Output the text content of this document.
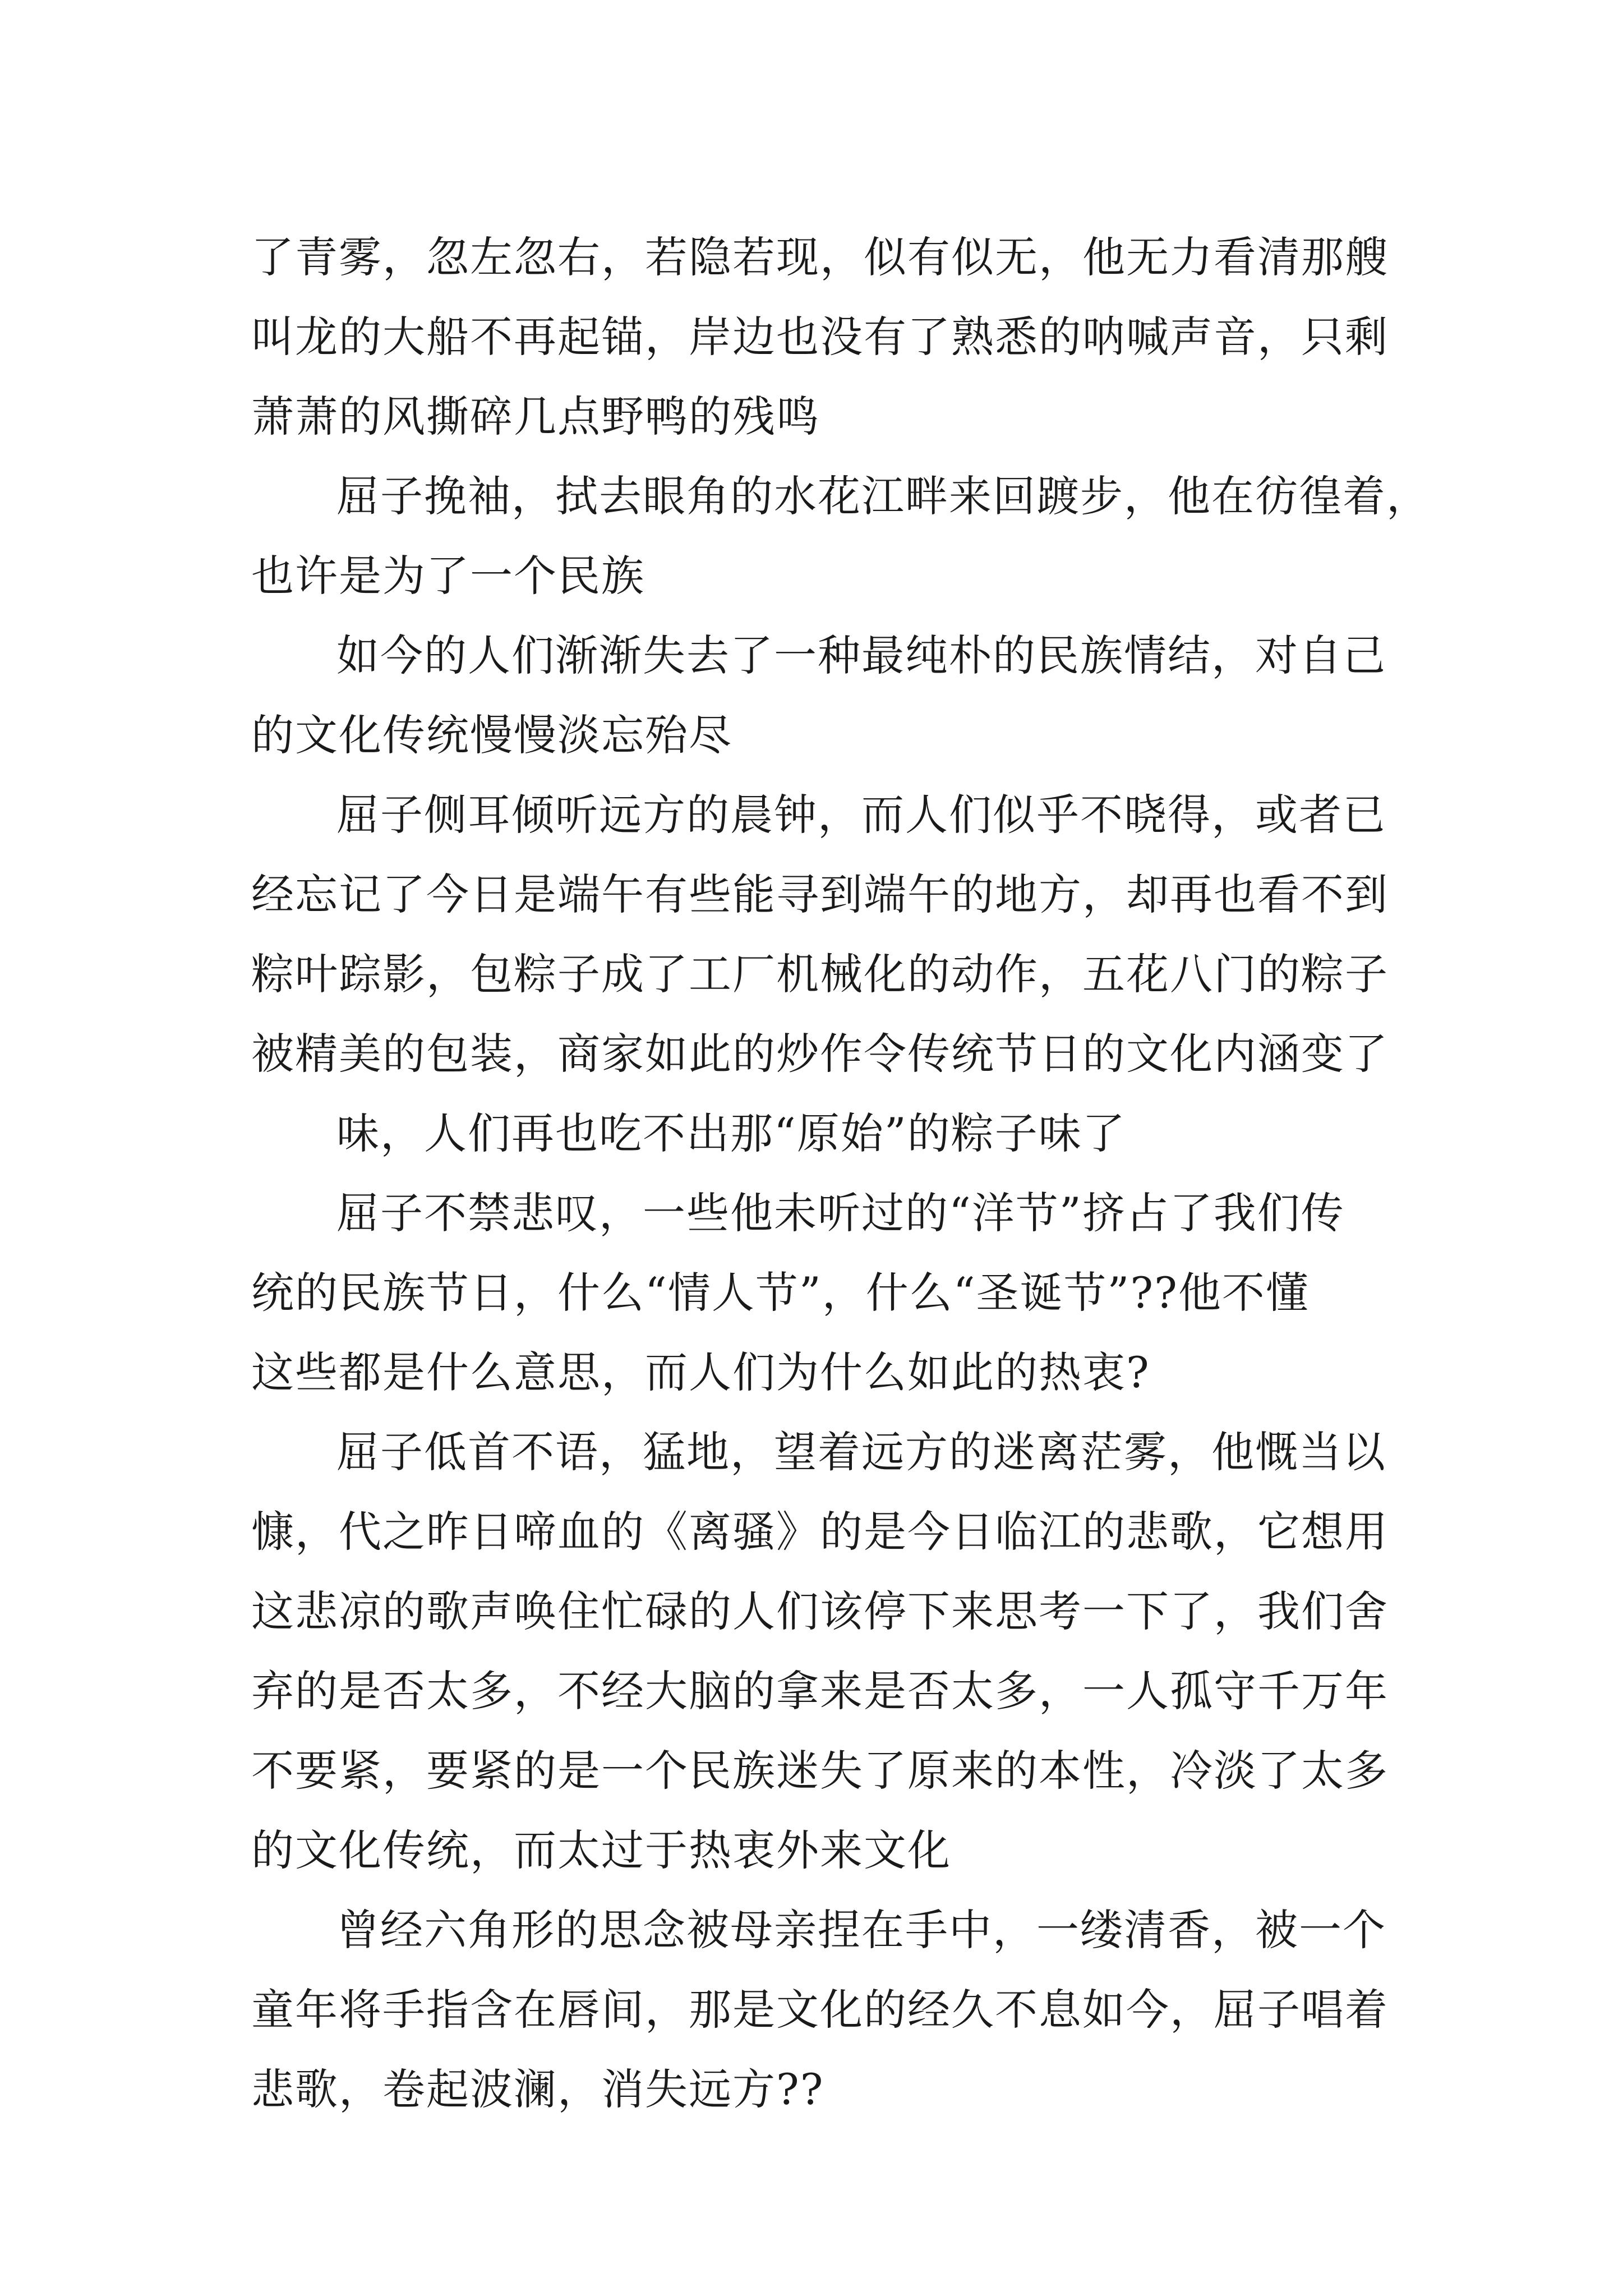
了青雾，忽左忽右，若隐若现，似有似无，他无力看清那艘
叫龙的大船不再起锚，岸边也没有了熟悉的呐喊声音，只剩
萧萧的风撕碎几点野鸭的残鸣
屈子挽袖，拭去眼角的水花江畔来回踱步，他在彷徨着，
也许是为了一个民族
如今的人们渐渐失去了一种最纯朴的民族情结，对自己
的文化传统慢慢淡忘殆尽
屈子侧耳倾听远方的晨钟，而人们似乎不晓得，或者已
经忘记了今日是端午有些能寻到端午的地方，却再也看不到
粽叶踪影，包粽子成了工厂机械化的动作，五花八门的粽子
被精美的包装，商家如此的炒作令传统节日的文化内涵变了
味，人们再也吃不出那“原始”的粽子味了
屈子不禁悲叹，一些他未听过的“洋节”挤占了我们传
统的民族节日，什么“情人节”，什么“圣诞节”??他不懂
这些都是什么意思，而人们为什么如此的热衷?
屈子低首不语，猛地，望着远方的迷离茫雾，他慨当以
慷，代之昨日啼血的《离骚》的是今日临江的悲歌，它想用
这悲凉的歌声唤住忙碌的人们该停下来思考一下了，我们舍
弃的是否太多，不经大脑的拿来是否太多，一人孤守千万年
不要紧，要紧的是一个民族迷失了原来的本性，冷淡了太多
的文化传统，而太过于热衷外来文化
曾经六角形的思念被母亲捏在手中，一缕清香，被一个
童年将手指含在唇间，那是文化的经久不息如今，屈子唱着
悲歌，卷起波澜，消失远方??
